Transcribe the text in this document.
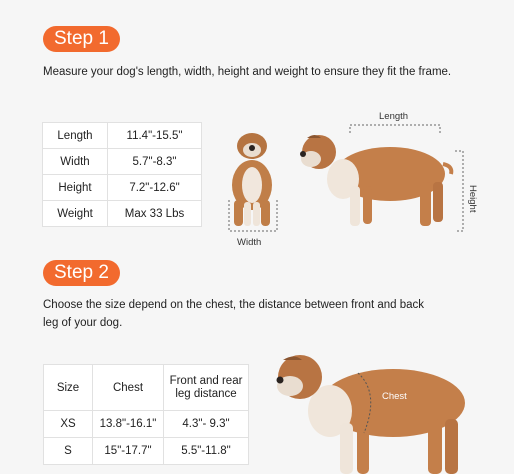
Step 1
Measure your dog's length, width, height and weight to ensure they fit the frame.
Length	11.4"-15.5"
Width	5.7"-8.3"
Height	7.2"-12.6"
Weight	Max 33 Lbs
Width
Length
Height
Step 2
Choose the size depend on the chest, the distance between front and back
leg of your dog.
Size	Chest	Front and rear
leg distance
XS	13.8"-16.1"	4.3"- 9.3"
S	15"-17.7"	5.5"-11.8"
Chest
